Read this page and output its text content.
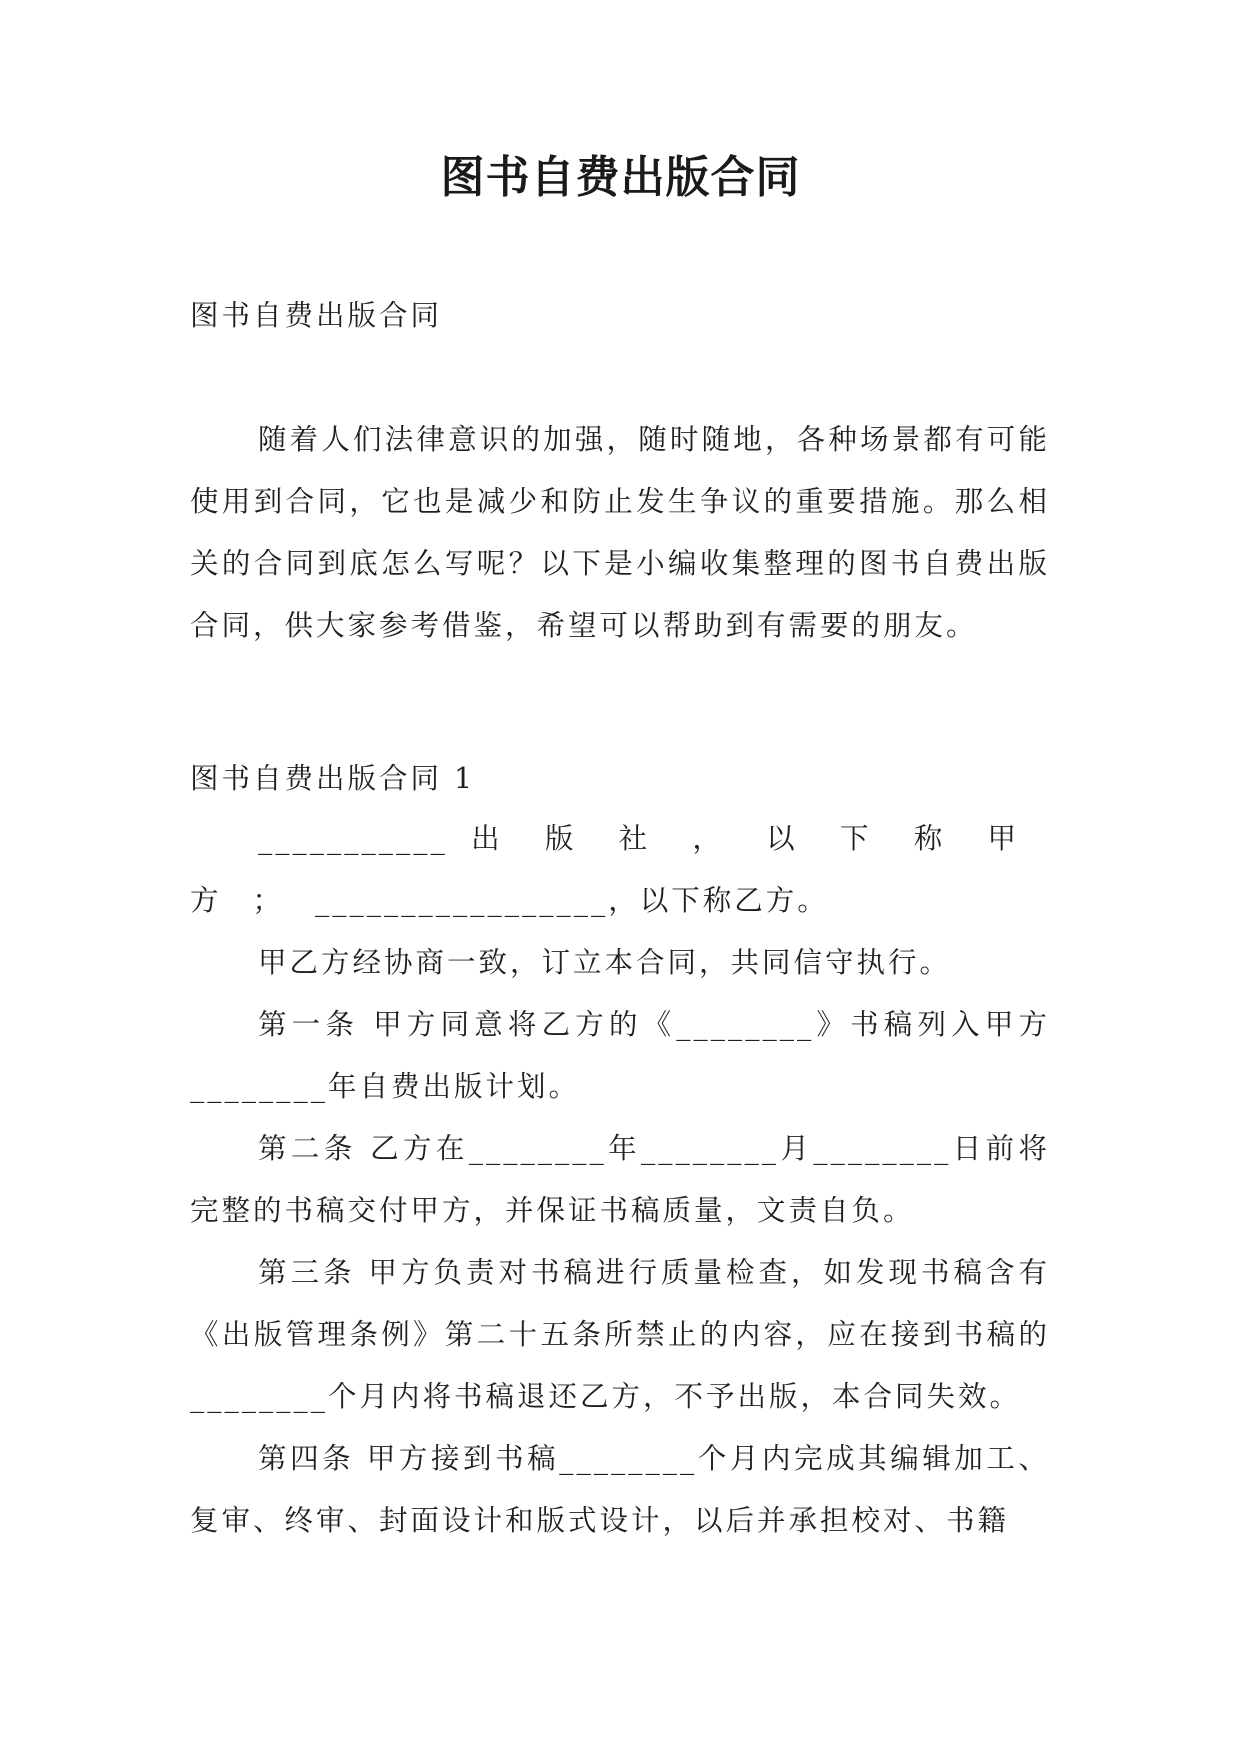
图书自费出版合同
图书自费出版合同

随着人们法律意识的加强，随时随地，各种场景都有可能使用到合同，它也是减少和防止发生争议的重要措施。那么相关的合同到底怎么写呢？以下是小编收集整理的图书自费出版合同，供大家参考借鉴，希望可以帮助到有需要的朋友。

图书自费出版合同 1

___________ 出版社，以下称甲方；_________________，以下称乙方。

甲乙方经协商一致，订立本合同，共同信守执行。

第一条 甲方同意将乙方的《________》书稿列入甲方________年自费出版计划。

第二条 乙方在________年________月________日前将完整的书稿交付甲方，并保证书稿质量，文责自负。

第三条 甲方负责对书稿进行质量检查，如发现书稿含有《出版管理条例》第二十五条所禁止的内容，应在接到书稿的________个月内将书稿退还乙方，不予出版，本合同失效。

第四条 甲方接到书稿________个月内完成其编辑加工、复审、终审、封面设计和版式设计，以后并承担校对、书籍
